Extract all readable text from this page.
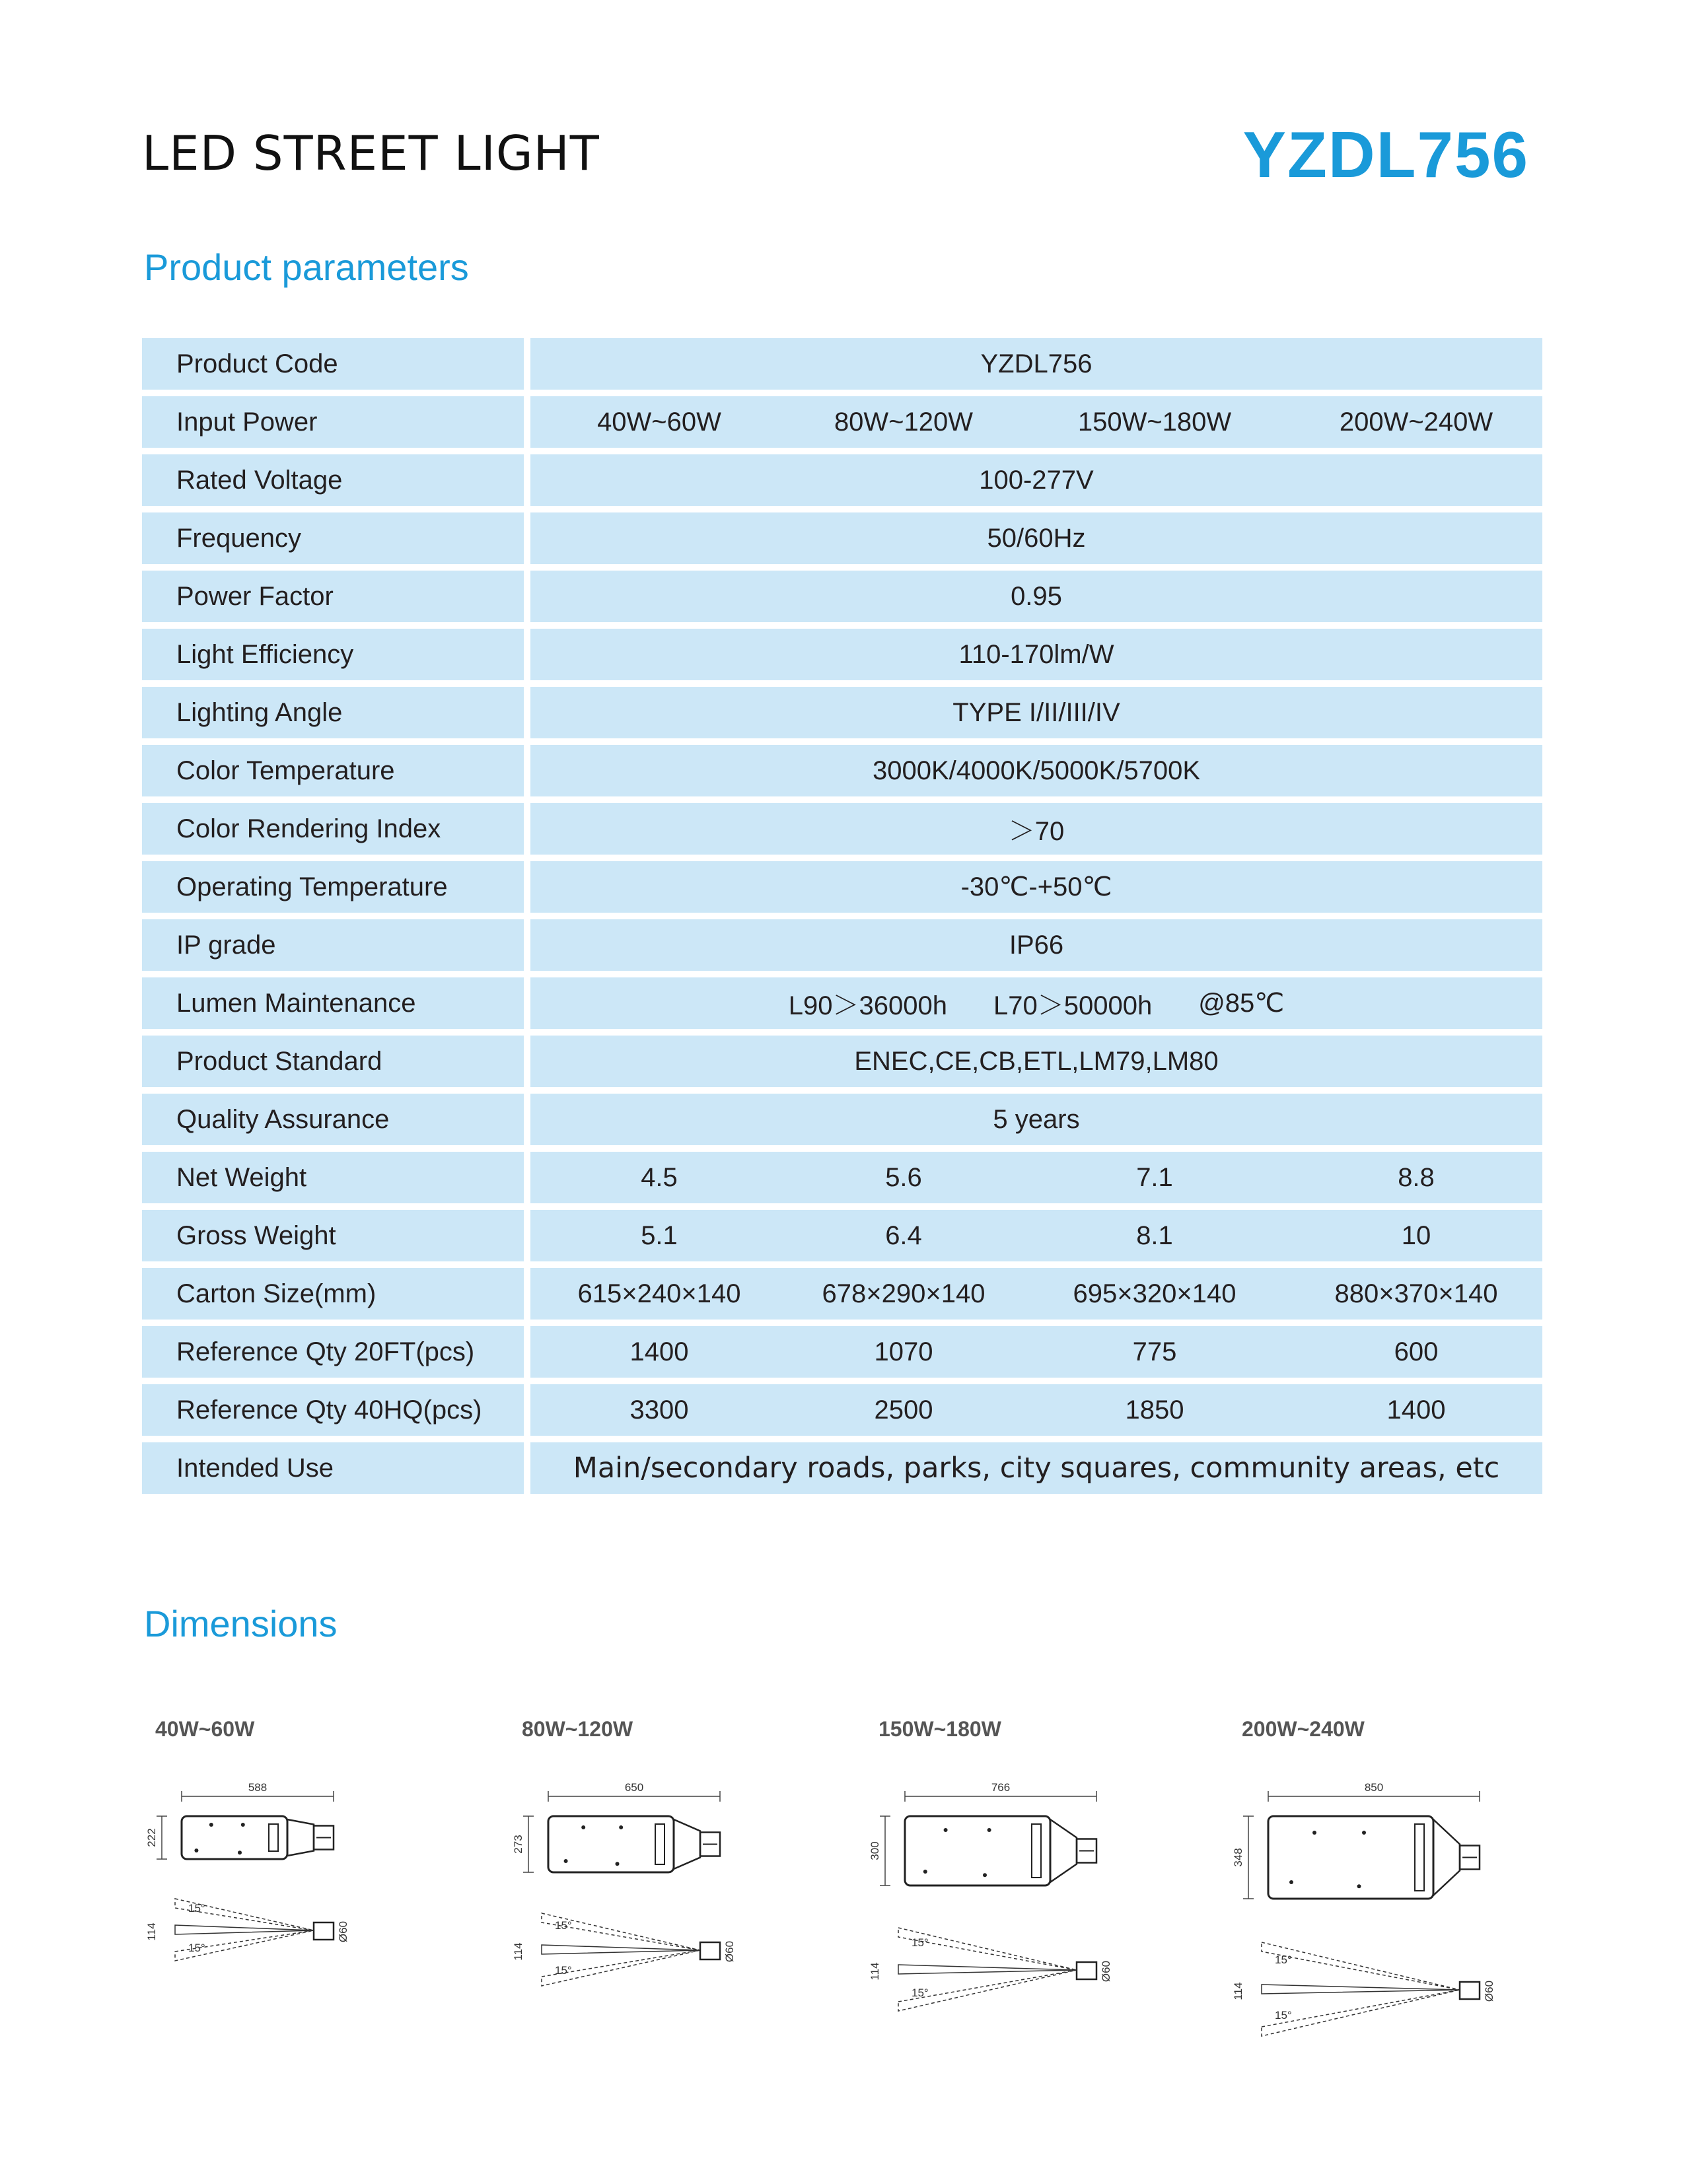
LED STREET LIGHT	YZDL756
Product parameters
Product Code	YZDL756
Input Power	40W~60W	80W~120W	150W~180W	200W~240W
Rated Voltage	100-277V
Frequency	50/60Hz
Power Factor	0.95
Light Efficiency	110-170lm/W
Lighting Angle	TYPE I/II/III/IV
Color Temperature	3000K/4000K/5000K/5700K
Color Rendering Index	＞70
Operating Temperature	-30℃-+50℃
IP grade	IP66
Lumen Maintenance	L90＞36000h L70＞50000h @85℃
Product Standard	ENEC,CE,CB,ETL,LM79,LM80
Quality Assurance	5 years
Net Weight	4.5	5.6	7.1	8.8
Gross Weight	5.1	6.4	8.1	10
Carton Size(mm)	615×240×140	678×290×140	695×320×140	880×370×140
Reference Qty 20FT(pcs)	1400	1070	775	600
Reference Qty 40HQ(pcs)	3300	2500	1850	1400
Intended Use	Main/secondary roads, parks, city squares, community areas, etc
Dimensions
40W~60W
588
222
15°
15°
114	Ø60
80W~120W
650
273
15°
15°
114	Ø60
150W~180W
766
300
15°
15°
114	Ø60
200W~240W
850
348
15°
15°
114	Ø60
